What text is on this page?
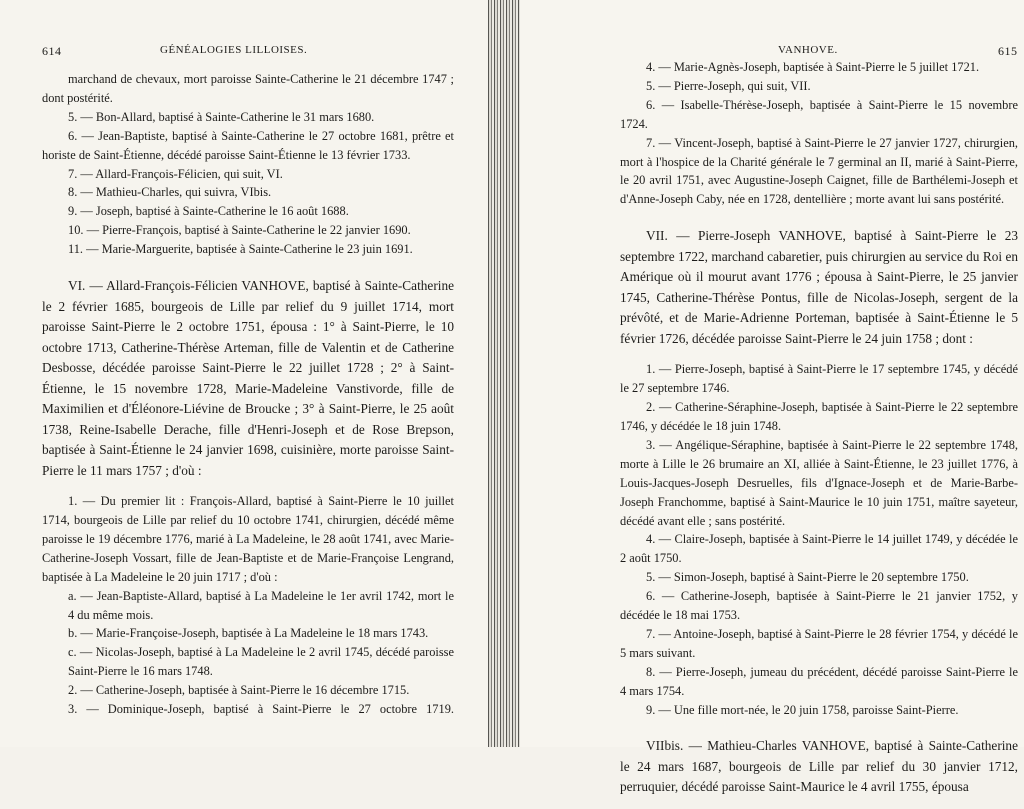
614	GÉNÉALOGIES LILLOISES.

marchand de chevaux, mort paroisse Sainte-Catherine le 21 décembre 1747 ; dont postérité.

5. — Bon-Allard, baptisé à Sainte-Catherine le 31 mars 1680.

6. — Jean-Baptiste, baptisé à Sainte-Catherine le 27 octobre 1681, prêtre et horiste de Saint-Étienne, décédé paroisse Saint-Étienne le 13 février 1733.

7. — Allard-François-Félicien, qui suit, VI.

8. — Mathieu-Charles, qui suivra, VIbis.

9. — Joseph, baptisé à Sainte-Catherine le 16 août 1688.

10. — Pierre-François, baptisé à Sainte-Catherine le 22 janvier 1690.

11. — Marie-Marguerite, baptisée à Sainte-Catherine le 23 juin 1691.

VI. — Allard-François-Félicien VANHOVE, baptisé à Sainte-Catherine le 2 février 1685, bourgeois de Lille par relief du 9 juillet 1714, mort paroisse Saint-Pierre le 2 octobre 1751, épousa : 1° à Saint-Pierre, le 10 octobre 1713, Catherine-Thérèse Arteman, fille de Valentin et de Catherine Desbosse, décédée paroisse Saint-Pierre le 22 juillet 1728 ; 2° à Saint-Étienne, le 15 novembre 1728, Marie-Madeleine Vanstivorde, fille de Maximilien et d'Éléonore-Liévine de Broucke ; 3° à Saint-Pierre, le 25 août 1738, Reine-Isabelle Derache, fille d'Henri-Joseph et de Rose Brepson, baptisée à Saint-Étienne le 24 janvier 1698, cuisinière, morte paroisse Saint-Pierre le 11 mars 1757 ; d'où :

1. — Du premier lit : François-Allard, baptisé à Saint-Pierre le 10 juillet 1714, bourgeois de Lille par relief du 10 octobre 1741, chirurgien, décédé même paroisse le 19 décembre 1776, marié à La Madeleine, le 28 août 1741, avec Marie-Catherine-Joseph Vossart, fille de Jean-Baptiste et de Marie-Françoise Lengrand, baptisée à La Madeleine le 20 juin 1717 ; d'où :

a. — Jean-Baptiste-Allard, baptisé à La Madeleine le 1er avril 1742, mort le 4 du même mois.

b. — Marie-Françoise-Joseph, baptisée à La Madeleine le 18 mars 1743.

c. — Nicolas-Joseph, baptisé à La Madeleine le 2 avril 1745, décédé paroisse Saint-Pierre le 16 mars 1748.

2. — Catherine-Joseph, baptisée à Saint-Pierre le 16 décembre 1715.

3. — Dominique-Joseph, baptisé à Saint-Pierre le 27 octobre 1719.

VANHOVE.	615

4. — Marie-Agnès-Joseph, baptisée à Saint-Pierre le 5 juillet 1721.

5. — Pierre-Joseph, qui suit, VII.

6. — Isabelle-Thérèse-Joseph, baptisée à Saint-Pierre le 15 novembre 1724.

7. — Vincent-Joseph, baptisé à Saint-Pierre le 27 janvier 1727, chirurgien, mort à l'hospice de la Charité générale le 7 germinal an II, marié à Saint-Pierre, le 20 avril 1751, avec Augustine-Joseph Caignet, fille de Barthélemi-Joseph et d'Anne-Joseph Caby, née en 1728, dentellière ; morte avant lui sans postérité.

VII. — Pierre-Joseph VANHOVE, baptisé à Saint-Pierre le 23 septembre 1722, marchand cabaretier, puis chirurgien au service du Roi en Amérique où il mourut avant 1776 ; épousa à Saint-Pierre, le 25 janvier 1745, Catherine-Thérèse Pontus, fille de Nicolas-Joseph, sergent de la prévôté, et de Marie-Adrienne Porteman, baptisée à Saint-Étienne le 5 février 1726, décédée paroisse Saint-Pierre le 24 juin 1758 ; dont :

1. — Pierre-Joseph, baptisé à Saint-Pierre le 17 septembre 1745, y décédé le 27 septembre 1746.

2. — Catherine-Séraphine-Joseph, baptisée à Saint-Pierre le 22 septembre 1746, y décédée le 18 juin 1748.

3. — Angélique-Séraphine, baptisée à Saint-Pierre le 22 septembre 1748, morte à Lille le 26 brumaire an XI, alliée à Saint-Étienne, le 23 juillet 1776, à Louis-Jacques-Joseph Desruelles, fils d'Ignace-Joseph et de Marie-Barbe-Joseph Franchomme, baptisé à Saint-Maurice le 10 juin 1751, maître sayeteur, décédé avant elle ; sans postérité.

4. — Claire-Joseph, baptisée à Saint-Pierre le 14 juillet 1749, y décédée le 2 août 1750.

5. — Simon-Joseph, baptisé à Saint-Pierre le 20 septembre 1750.

6. — Catherine-Joseph, baptisée à Saint-Pierre le 21 janvier 1752, y décédée le 18 mai 1753.

7. — Antoine-Joseph, baptisé à Saint-Pierre le 28 février 1754, y décédé le 5 mars suivant.

8. — Pierre-Joseph, jumeau du précédent, décédé paroisse Saint-Pierre le 4 mars 1754.

9. — Une fille mort-née, le 20 juin 1758, paroisse Saint-Pierre.

VIIbis. — Mathieu-Charles VANHOVE, baptisé à Sainte-Catherine le 24 mars 1687, bourgeois de Lille par relief du 30 janvier 1712, perruquier, décédé paroisse Saint-Maurice le 4 avril 1755, épousa
